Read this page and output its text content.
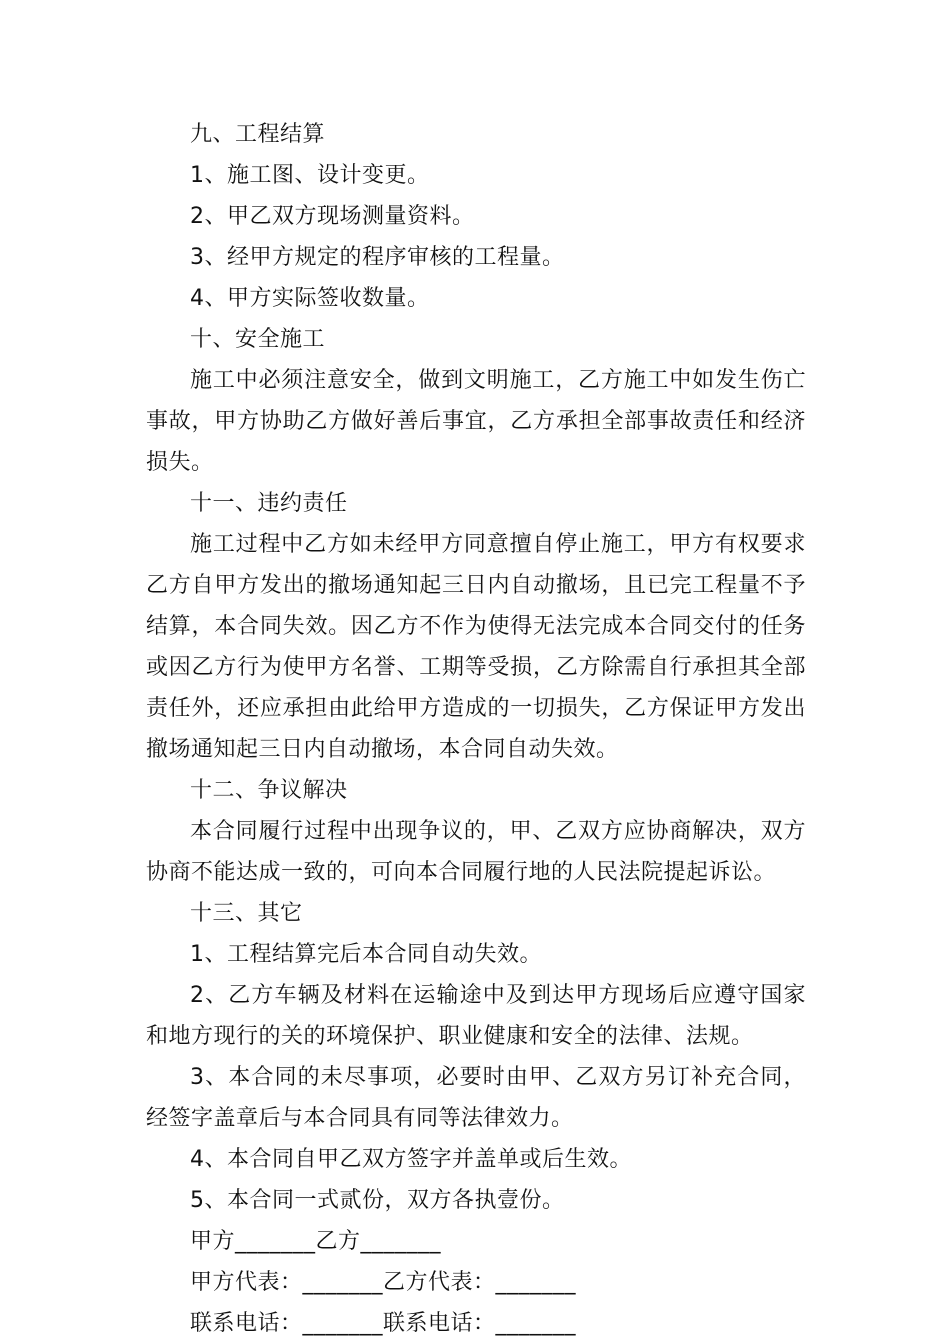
九、工程结算

1、施工图、设计变更。

2、甲乙双方现场测量资料。

3、经甲方规定的程序审核的工程量。

4、甲方实际签收数量。

十、安全施工

施工中必须注意安全，做到文明施工，乙方施工中如发生伤亡事故，甲方协助乙方做好善后事宜，乙方承担全部事故责任和经济损失。

十一、违约责任

施工过程中乙方如未经甲方同意擅自停止施工，甲方有权要求乙方自甲方发出的撤场通知起三日内自动撤场，且已完工程量不予结算，本合同失效。因乙方不作为使得无法完成本合同交付的任务或因乙方行为使甲方名誉、工期等受损，乙方除需自行承担其全部责任外，还应承担由此给甲方造成的一切损失，乙方保证甲方发出撤场通知起三日内自动撤场，本合同自动失效。

十二、争议解决

本合同履行过程中出现争议的，甲、乙双方应协商解决，双方协商不能达成一致的，可向本合同履行地的人民法院提起诉讼。

十三、其它

1、工程结算完后本合同自动失效。

2、乙方车辆及材料在运输途中及到达甲方现场后应遵守国家和地方现行的关的环境保护、职业健康和安全的法律、法规。

3、本合同的未尽事项，必要时由甲、乙双方另订补充合同，经签字盖章后与本合同具有同等法律效力。

4、本合同自甲乙双方签字并盖单或后生效。

5、本合同一式贰份，双方各执壹份。

甲方_______乙方_______

甲方代表：_______乙方代表：_______

联系电话：_______联系电话：_______
